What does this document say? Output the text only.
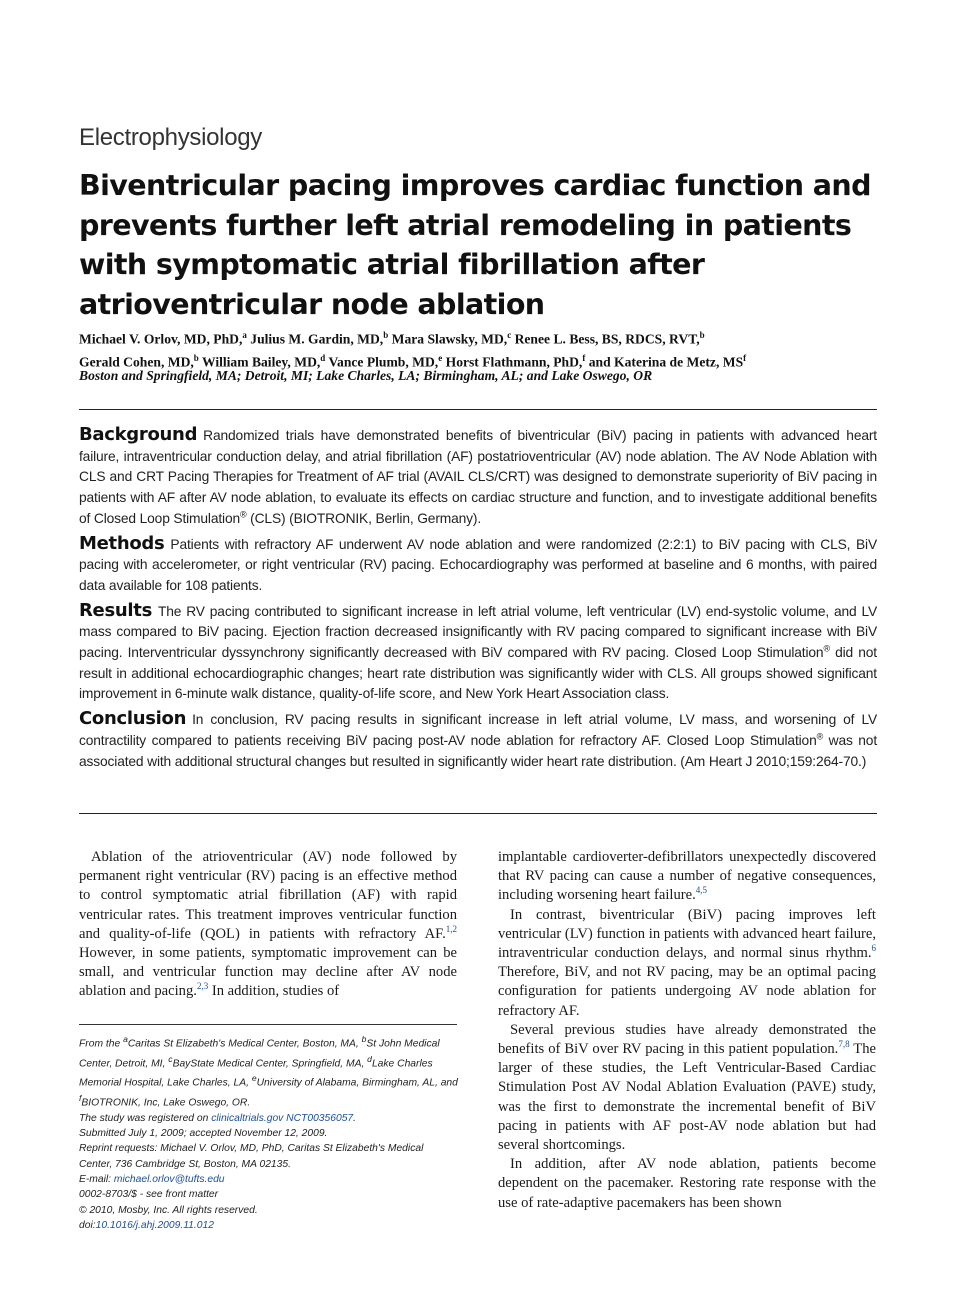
Electrophysiology
Biventricular pacing improves cardiac function and prevents further left atrial remodeling in patients with symptomatic atrial fibrillation after atrioventricular node ablation
Michael V. Orlov, MD, PhD,$^a$ Julius M. Gardin, MD,$^b$ Mara Slawsky, MD,$^c$ Renee L. Bess, BS, RDCS, RVT,$^b$
Gerald Cohen, MD,$^b$ William Bailey, MD,$^d$ Vance Plumb, MD,$^e$ Horst Flathmann, PhD,$^f$ and Katerina de Metz, $MS^f$
Boston and Springfield, MA; Detroit, MI; Lake Charles, LA; Birmingham, AL; and Lake Oswego, OR

Background Randomized trials have demonstrated benefits of biventricular (BiV) pacing in patients with advanced heart failure, intraventricular conduction delay, and atrial fibrillation (AF) postatrioventricular (AV) node ablation. The AV Node Ablation with CLS and CRT Pacing Therapies for Treatment of AF trial (AVAIL CLS/CRT) was designed to demonstrate superiority of BiV pacing in patients with AF after AV node ablation, to evaluate its effects on cardiac structure and function, and to investigate additional benefits of Closed Loop Stimulation® (CLS) (BIOTRONIK, Berlin, Germany).

Methods Patients with refractory AF underwent AV node ablation and were randomized (2:2:1) to BiV pacing with CLS, BiV pacing with accelerometer, or right ventricular (RV) pacing. Echocardiography was performed at baseline and 6 months, with paired data available for 108 patients.

Results The RV pacing contributed to significant increase in left atrial volume, left ventricular (LV) end-systolic volume, and LV mass compared to BiV pacing. Ejection fraction decreased insignificantly with RV pacing compared to significant increase with BiV pacing. Interventricular dyssynchrony significantly decreased with BiV compared with RV pacing. Closed Loop Stimulation® did not result in additional echocardiographic changes; heart rate distribution was significantly wider with CLS. All groups showed significant improvement in 6-minute walk distance, quality-of-life score, and New York Heart Association class.

Conclusion In conclusion, RV pacing results in significant increase in left atrial volume, LV mass, and worsening of LV contractility compared to patients receiving BiV pacing post-AV node ablation for refractory AF. Closed Loop Stimulation® was not associated with additional structural changes but resulted in significantly wider heart rate distribution. (Am Heart J 2010;159:264-70.)

Ablation of the atrioventricular (AV) node followed by permanent right ventricular (RV) pacing is an effective method to control symptomatic atrial fibrillation (AF) with rapid ventricular rates. This treatment improves ventricular function and quality-of-life (QOL) in patients with refractory AF.$^{1,2}$ However, in some patients, symptomatic improvement can be small, and ventricular function may decline after AV node ablation and pacing.$^{2,3}$ In addition, studies of

From the $^a$Caritas St Elizabeth's Medical Center, Boston, MA, $^b$St John Medical Center, Detroit, MI, $^c$BayState Medical Center, Springfield, MA, $^d$Lake Charles Memorial Hospital, Lake Charles, LA, $^e$University of Alabama, Birmingham, AL, and $^f$BIOTRONIK, Inc, Lake Oswego, OR.
The study was registered on clinicaltrials.gov NCT00356057.
Submitted July 1, 2009; accepted November 12, 2009.
Reprint requests: Michael V. Orlov, MD, PhD, Caritas St Elizabeth's Medical Center, 736 Cambridge St, Boston, MA 02135.
E-mail: michael.orlov@tufts.edu
0002-8703/$ - see front matter
© 2010, Mosby, Inc. All rights reserved.
doi:10.1016/j.ahj.2009.11.012

implantable cardioverter-defibrillators unexpectedly discovered that RV pacing can cause a number of negative consequences, including worsening heart failure.$^{4,5}$

In contrast, biventricular (BiV) pacing improves left ventricular (LV) function in patients with advanced heart failure, intraventricular conduction delays, and normal sinus rhythm.$^6$ Therefore, BiV, and not RV pacing, may be an optimal pacing configuration for patients undergoing AV node ablation for refractory AF.

Several previous studies have already demonstrated the benefits of BiV over RV pacing in this patient population.$^{7,8}$ The larger of these studies, the Left Ventricular-Based Cardiac Stimulation Post AV Nodal Ablation Evaluation (PAVE) study, was the first to demonstrate the incremental benefit of BiV pacing in patients with AF post-AV node ablation but had several shortcomings.

In addition, after AV node ablation, patients become dependent on the pacemaker. Restoring rate response with the use of rate-adaptive pacemakers has been shown
